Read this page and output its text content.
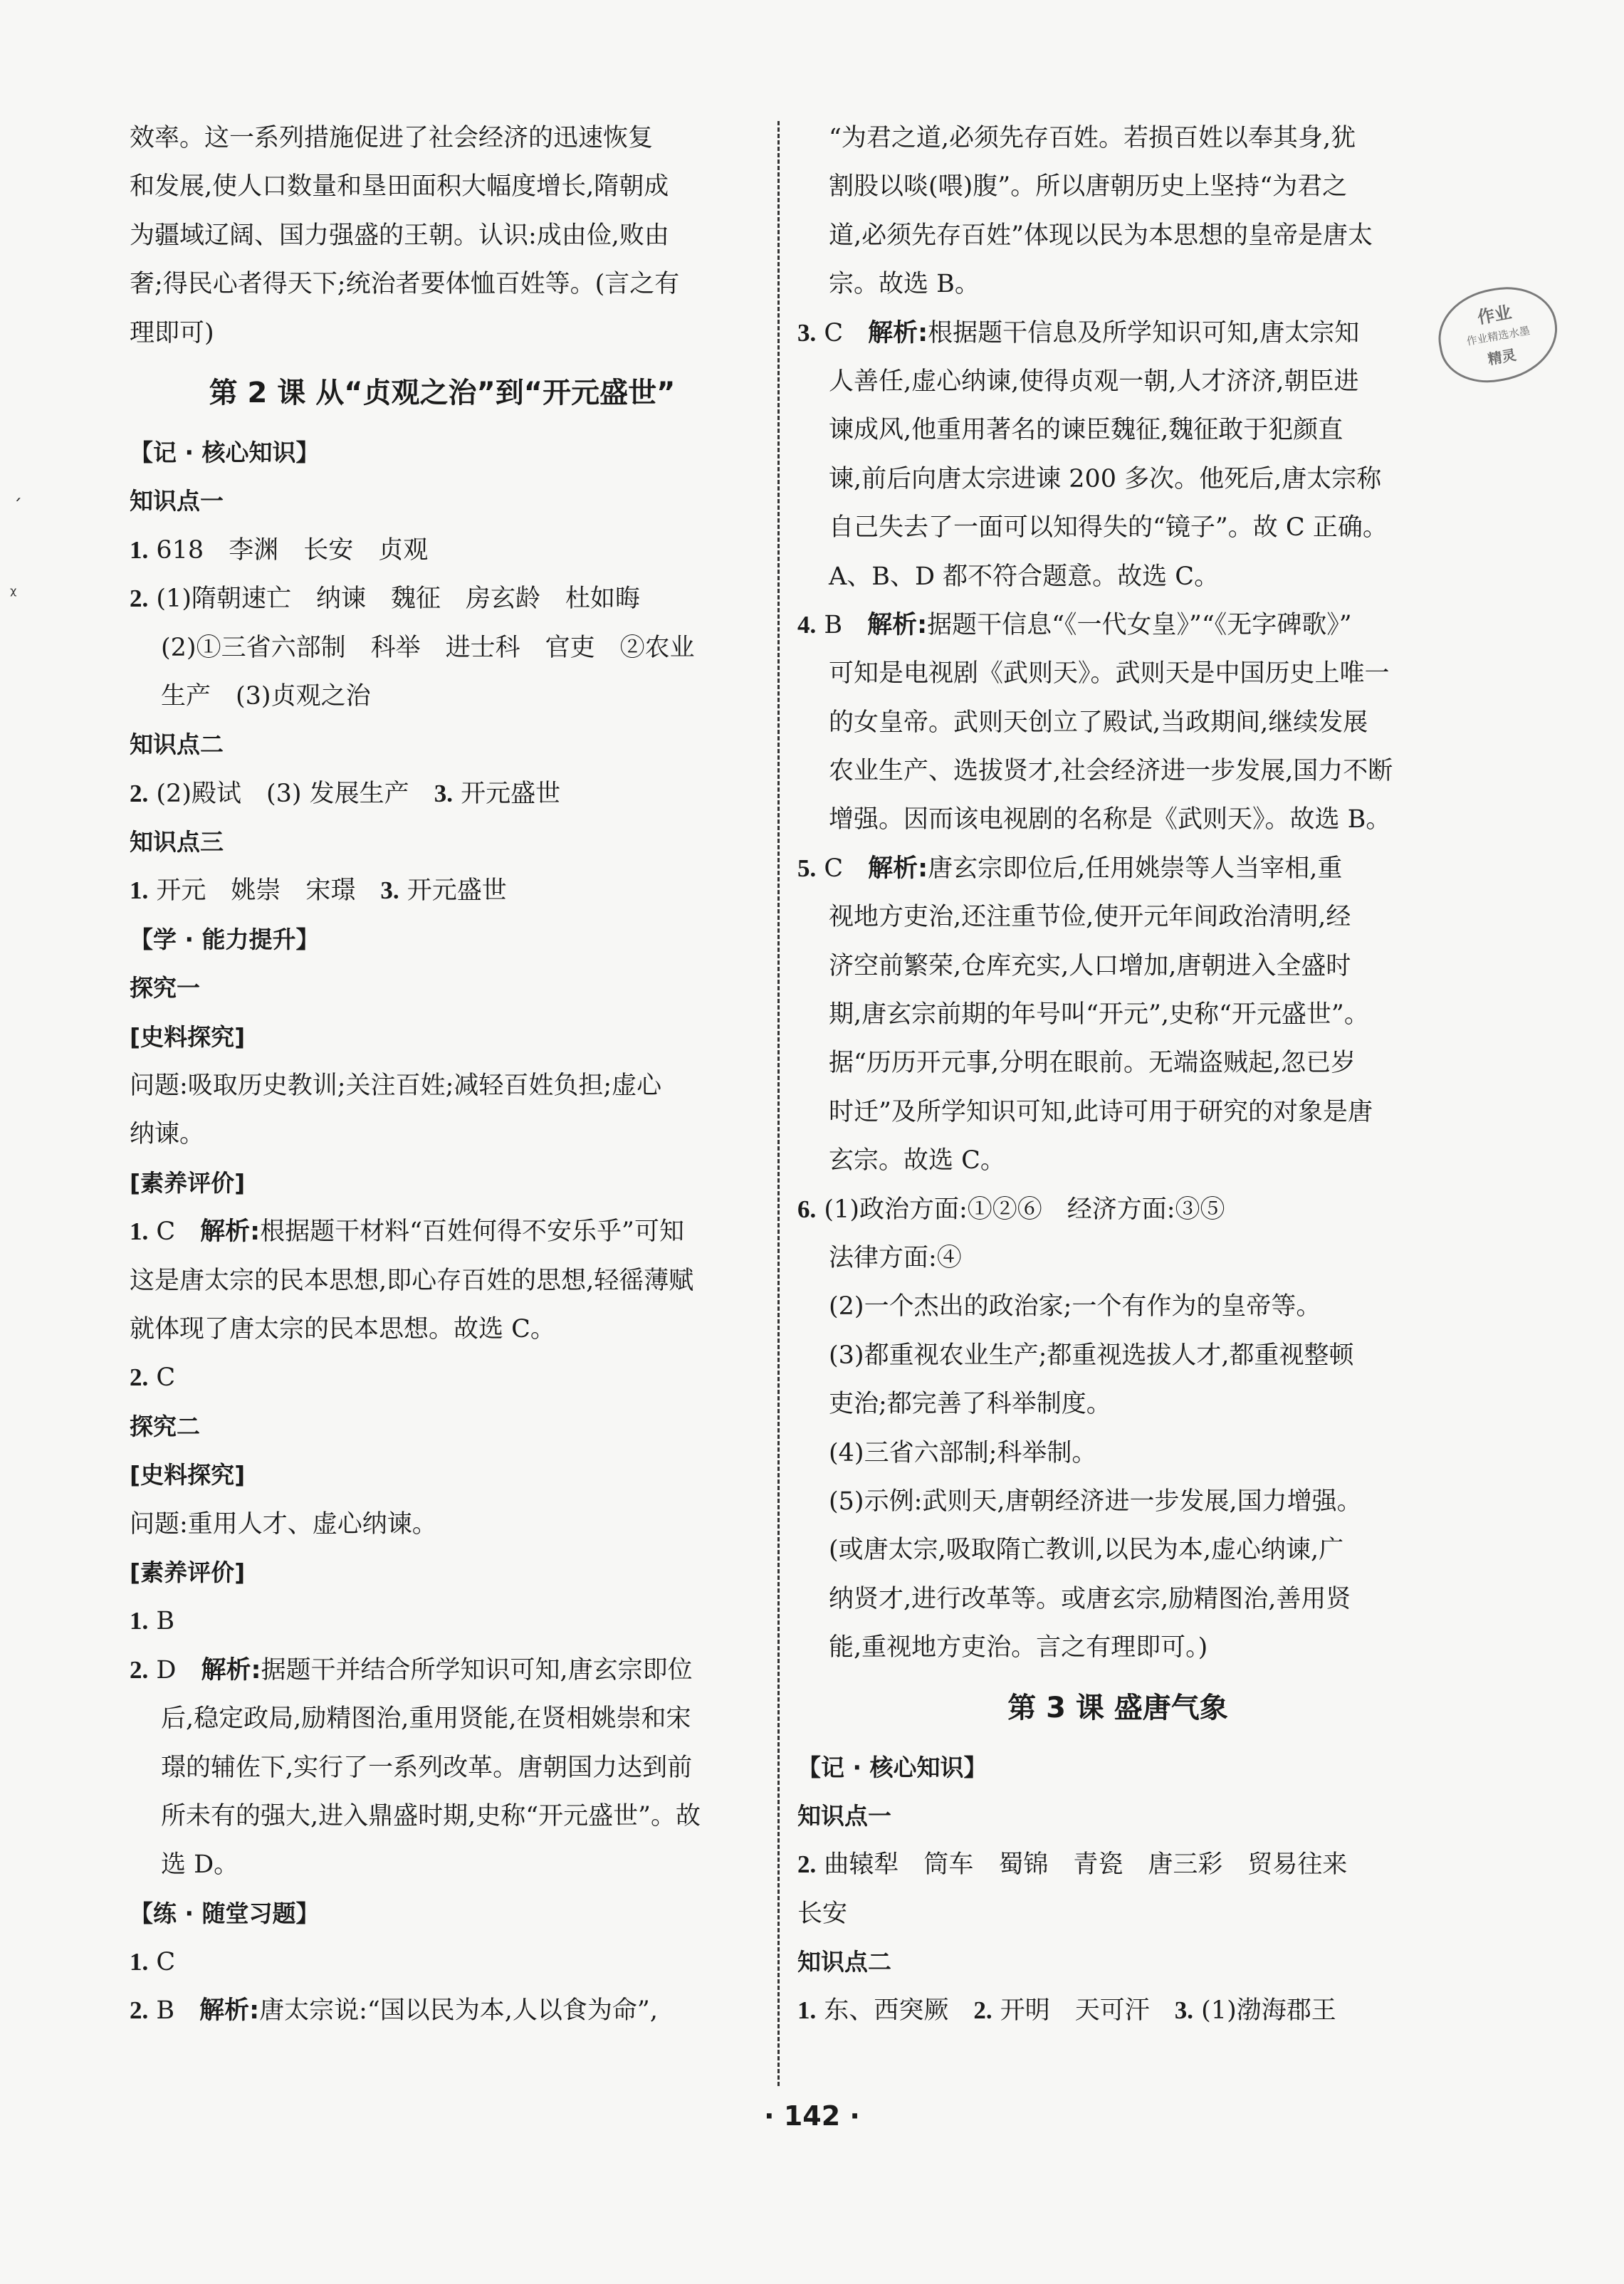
效率。这一系列措施促进了社会经济的迅速恢复
和发展,使人口数量和垦田面积大幅度增长,隋朝成
为疆域辽阔、国力强盛的王朝。认识:成由俭,败由
奢;得民心者得天下;统治者要体恤百姓等。(言之有
理即可)
第 2 课 从“贞观之治”到“开元盛世”
【记 · 核心知识】
知识点一
1. 618　李渊　长安　贞观
2. (1)隋朝速亡　纳谏　魏征　房玄龄　杜如晦
(2)①三省六部制　科举　进士科　官吏　②农业
生产　(3)贞观之治
知识点二
2. (2)殿试　(3) 发展生产　3. 开元盛世
知识点三
1. 开元　姚崇　宋璟　3. 开元盛世
【学 · 能力提升】
探究一
[史料探究]
问题:吸取历史教训;关注百姓;减轻百姓负担;虚心
纳谏。
[素养评价]
1. C　解析:根据题干材料“百姓何得不安乐乎”可知
这是唐太宗的民本思想,即心存百姓的思想,轻徭薄赋
就体现了唐太宗的民本思想。故选 C。
2. C
探究二
[史料探究]
问题:重用人才、虚心纳谏。
[素养评价]
1. B
2. D　解析:据题干并结合所学知识可知,唐玄宗即位
后,稳定政局,励精图治,重用贤能,在贤相姚崇和宋
璟的辅佐下,实行了一系列改革。唐朝国力达到前
所未有的强大,进入鼎盛时期,史称“开元盛世”。故
选 D。
【练 · 随堂习题】
1. C
2. B　解析:唐太宗说:“国以民为本,人以食为命”,
“为君之道,必须先存百姓。若损百姓以奉其身,犹
割股以啖(喂)腹”。所以唐朝历史上坚持“为君之
道,必须先存百姓”体现以民为本思想的皇帝是唐太
宗。故选 B。
3. C　解析:根据题干信息及所学知识可知,唐太宗知
人善任,虚心纳谏,使得贞观一朝,人才济济,朝臣进
谏成风,他重用著名的谏臣魏征,魏征敢于犯颜直
谏,前后向唐太宗进谏 200 多次。他死后,唐太宗称
自己失去了一面可以知得失的“镜子”。故 C 正确。
A、B、D 都不符合题意。故选 C。
4. B　解析:据题干信息“《一代女皇》”“《无字碑歌》”
可知是电视剧《武则天》。武则天是中国历史上唯一
的女皇帝。武则天创立了殿试,当政期间,继续发展
农业生产、选拔贤才,社会经济进一步发展,国力不断
增强。因而该电视剧的名称是《武则天》。故选 B。
5. C　解析:唐玄宗即位后,任用姚崇等人当宰相,重
视地方吏治,还注重节俭,使开元年间政治清明,经
济空前繁荣,仓库充实,人口增加,唐朝进入全盛时
期,唐玄宗前期的年号叫“开元”,史称“开元盛世”。
据“历历开元事,分明在眼前。无端盗贼起,忽已岁
时迁”及所学知识可知,此诗可用于研究的对象是唐
玄宗。故选 C。
6. (1)政治方面:①②⑥　经济方面:③⑤
法律方面:④
(2)一个杰出的政治家;一个有作为的皇帝等。
(3)都重视农业生产;都重视选拔人才,都重视整顿
吏治;都完善了科举制度。
(4)三省六部制;科举制。
(5)示例:武则天,唐朝经济进一步发展,国力增强。
(或唐太宗,吸取隋亡教训,以民为本,虚心纳谏,广
纳贤才,进行改革等。或唐玄宗,励精图治,善用贤
能,重视地方吏治。言之有理即可。)
第 3 课 盛唐气象
【记 · 核心知识】
知识点一
2. 曲辕犁　筒车　蜀锦　青瓷　唐三彩　贸易往来
长安
知识点二
1. 东、西突厥　2. 开明　天可汗　3. (1)渤海郡王
作业
作业精选水墨
精灵
ˏ
ᵡ
· 142 ·
